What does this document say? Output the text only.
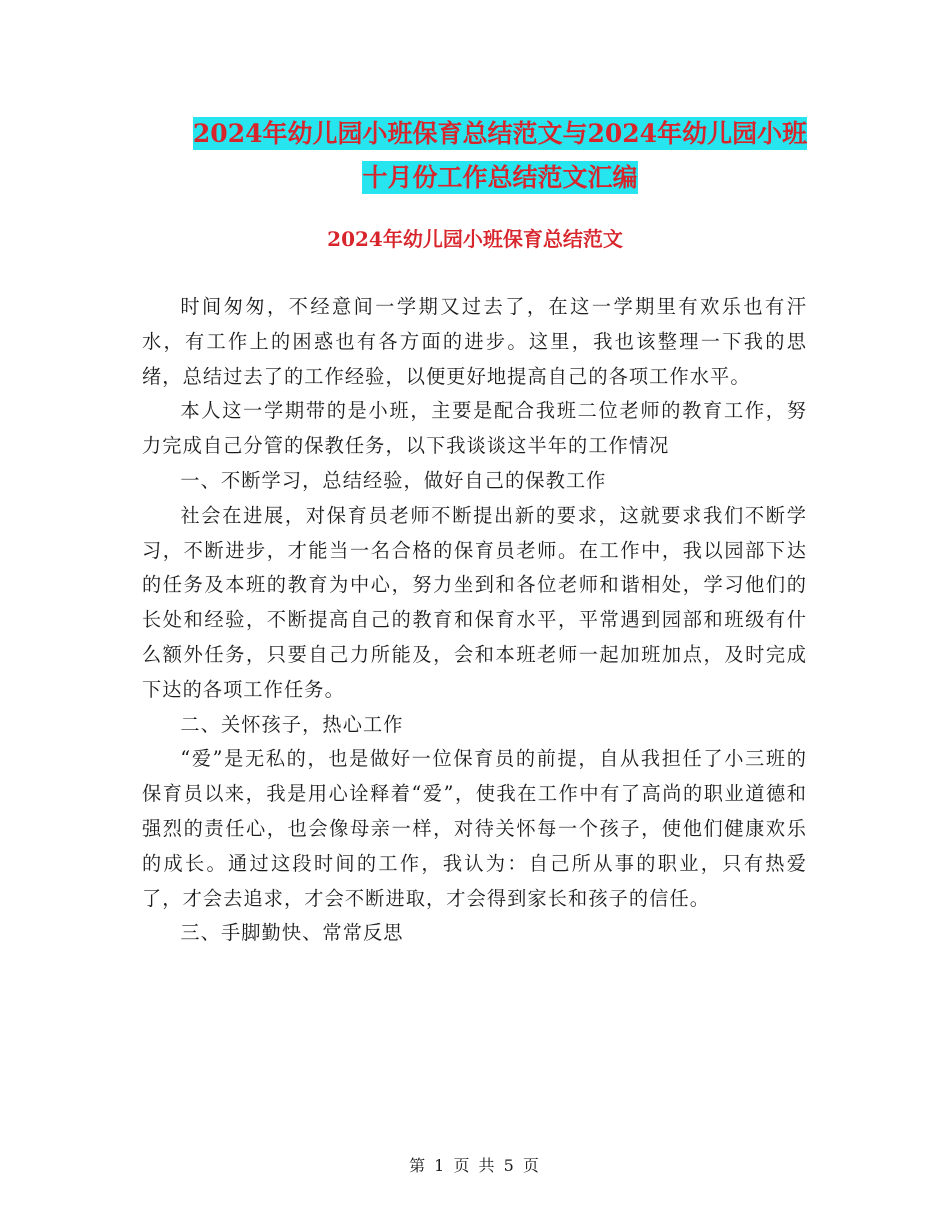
2024年幼儿园小班保育总结范文与2024年幼儿园小班
十月份工作总结范文汇编
2024年幼儿园小班保育总结范文

时间匆匆，不经意间一学期又过去了，在这一学期里有欢乐也有汗水，有工作上的困惑也有各方面的进步。这里，我也该整理一下我的思绪，总结过去了的工作经验，以便更好地提高自己的各项工作水平。

本人这一学期带的是小班，主要是配合我班二位老师的教育工作，努力完成自己分管的保教任务，以下我谈谈这半年的工作情况

一、不断学习，总结经验，做好自己的保教工作

社会在进展，对保育员老师不断提出新的要求，这就要求我们不断学习，不断进步，才能当一名合格的保育员老师。在工作中，我以园部下达的任务及本班的教育为中心，努力坐到和各位老师和谐相处，学习他们的长处和经验，不断提高自己的教育和保育水平，平常遇到园部和班级有什么额外任务，只要自己力所能及，会和本班老师一起加班加点，及时完成下达的各项工作任务。

二、关怀孩子，热心工作

“爱”是无私的，也是做好一位保育员的前提，自从我担任了小三班的保育员以来，我是用心诠释着“爱”，使我在工作中有了高尚的职业道德和强烈的责任心，也会像母亲一样，对待关怀每一个孩子，使他们健康欢乐的成长。通过这段时间的工作，我认为：自己所从事的职业，只有热爱了，才会去追求，才会不断进取，才会得到家长和孩子的信任。

三、手脚勤快、常常反思

第 1 页 共 5 页
